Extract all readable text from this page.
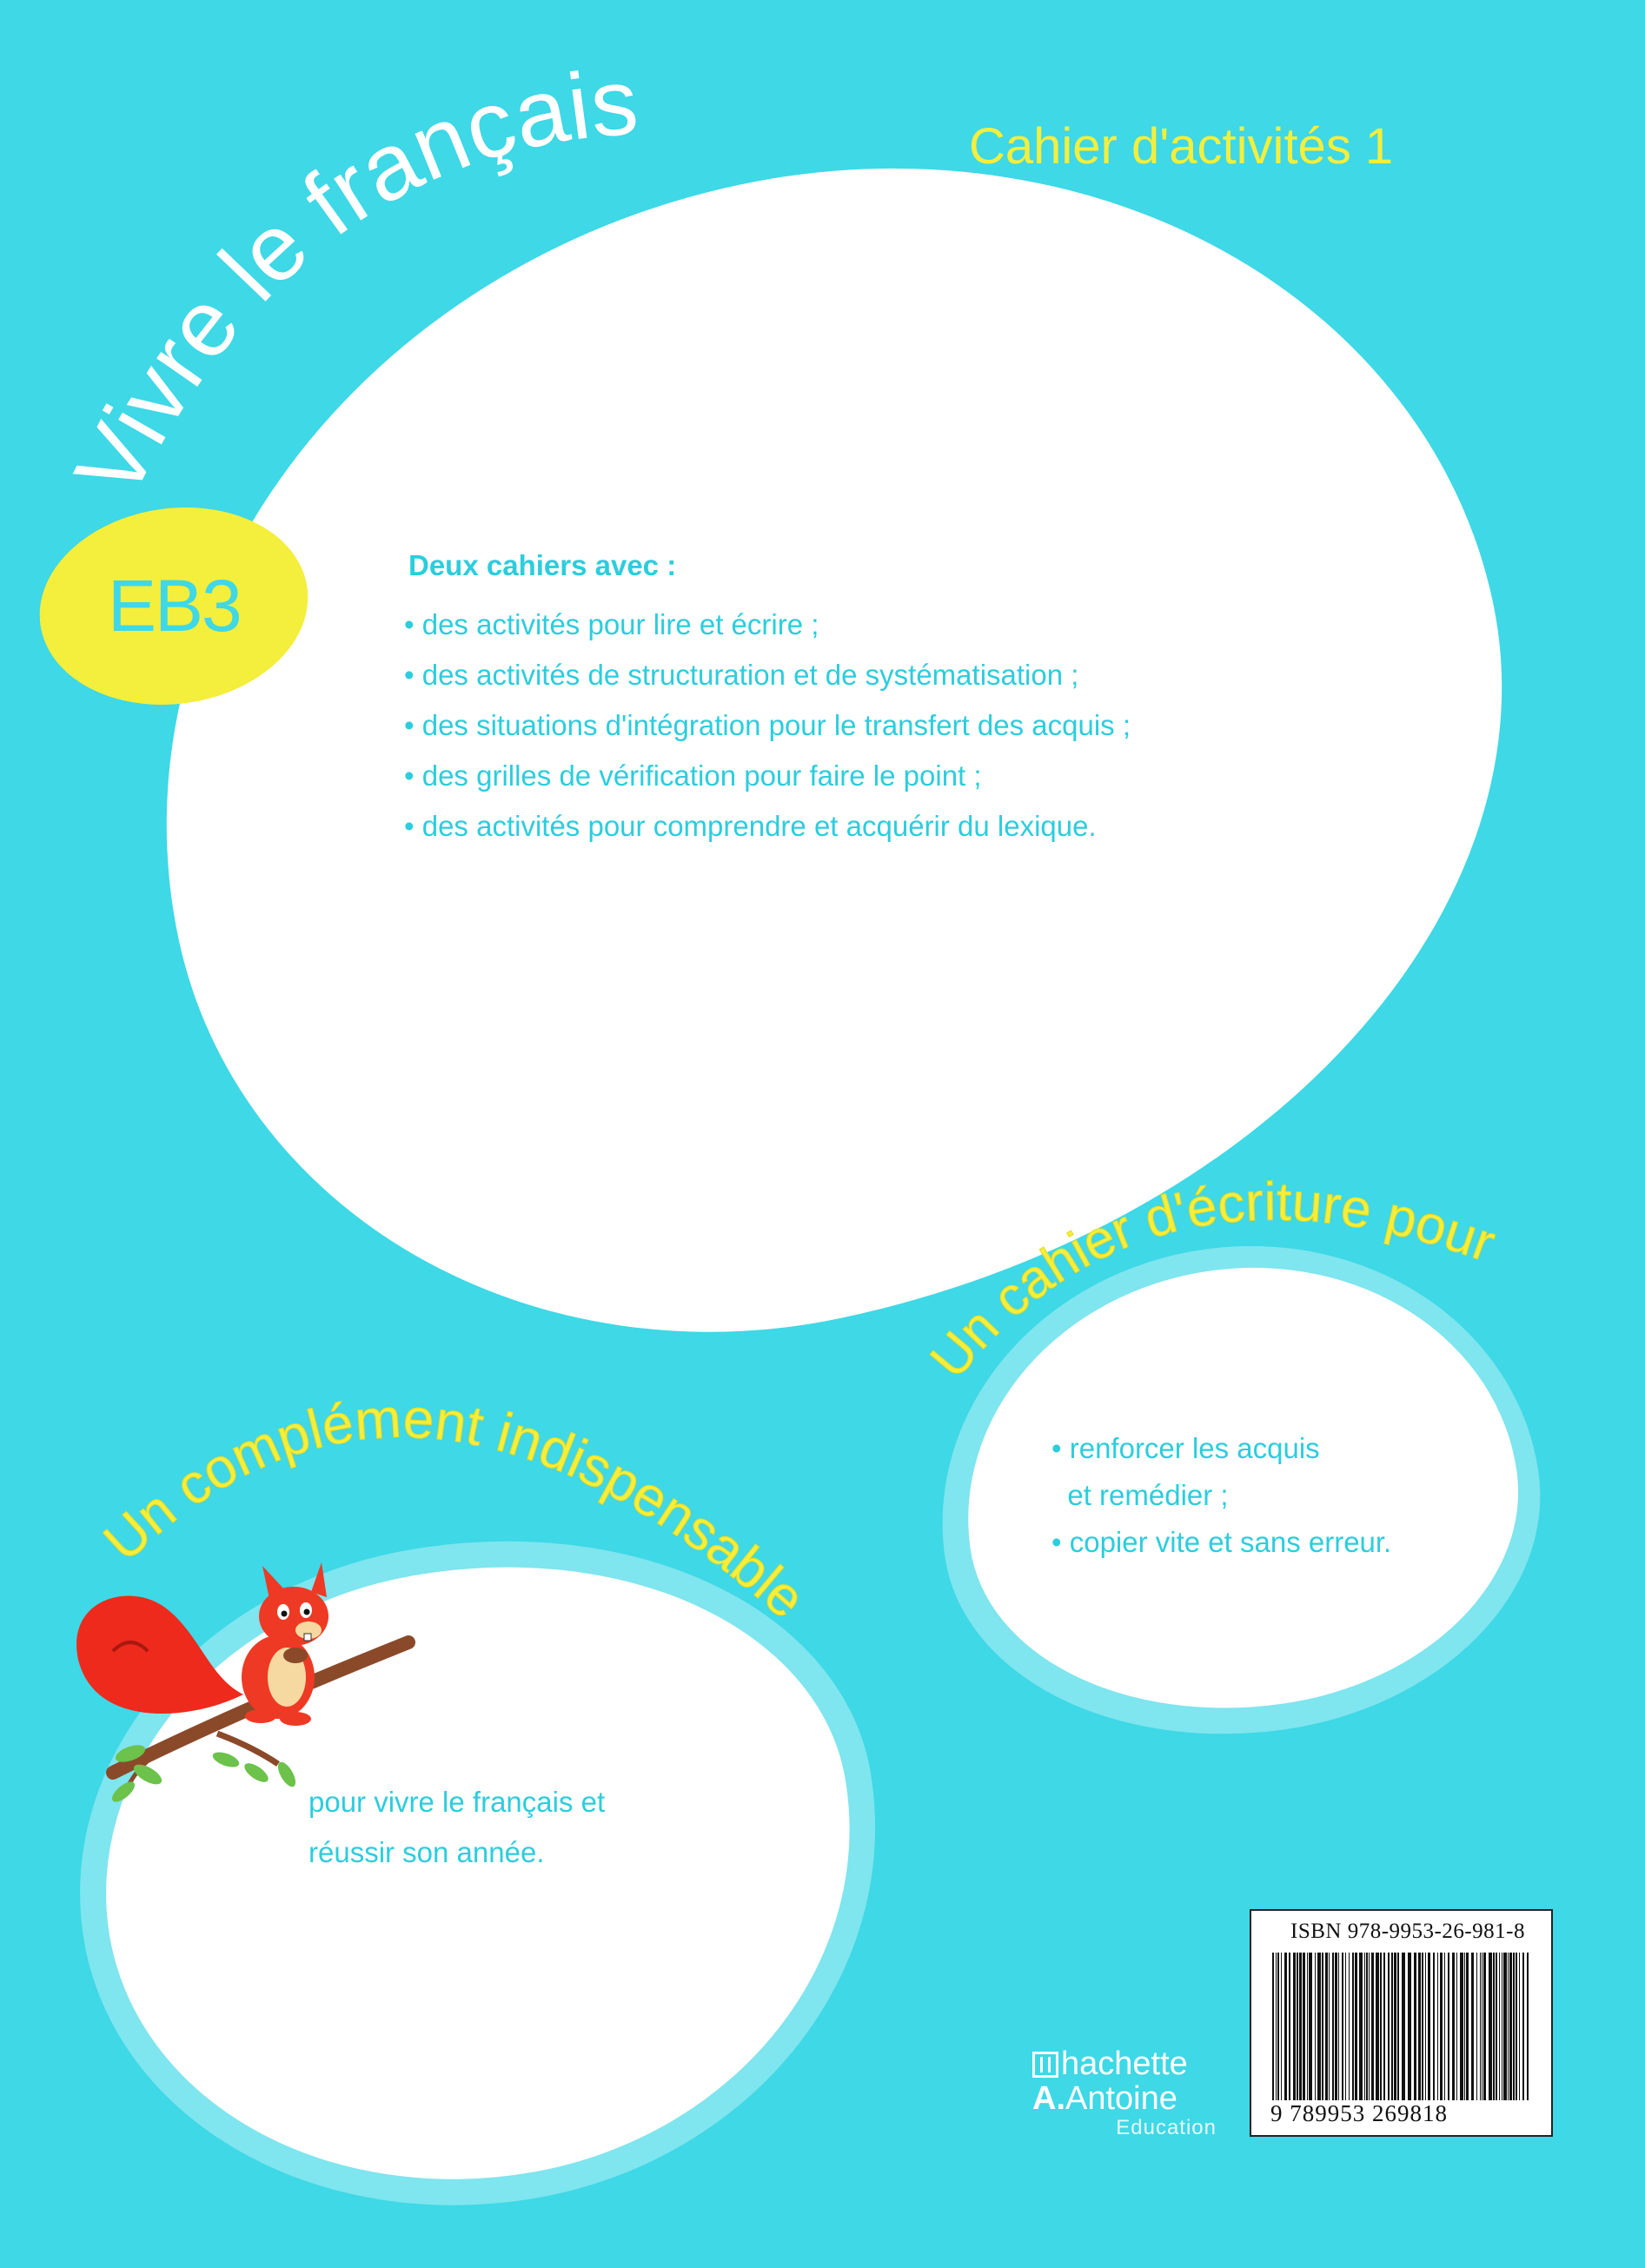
Vivre le français
Un cahier d'écriture pour
Un complément indispensable
Cahier d'activités 1
EB3	Deux cahiers avec :
• des activités pour lire et écrire ;
• des activités de structuration et de systématisation ;
• des situations d'intégration pour le transfert des acquis ;
• des grilles de vérification pour faire le point ;
• des activités pour comprendre et acquérir du lexique.
• renforcer les acquis
et remédier ;
• copier vite et sans erreur.
pour vivre le français et
réussir son année.
ISBN 978-9953-26-981-8
9 789953 269818
hachette
A.Antoine
Education
